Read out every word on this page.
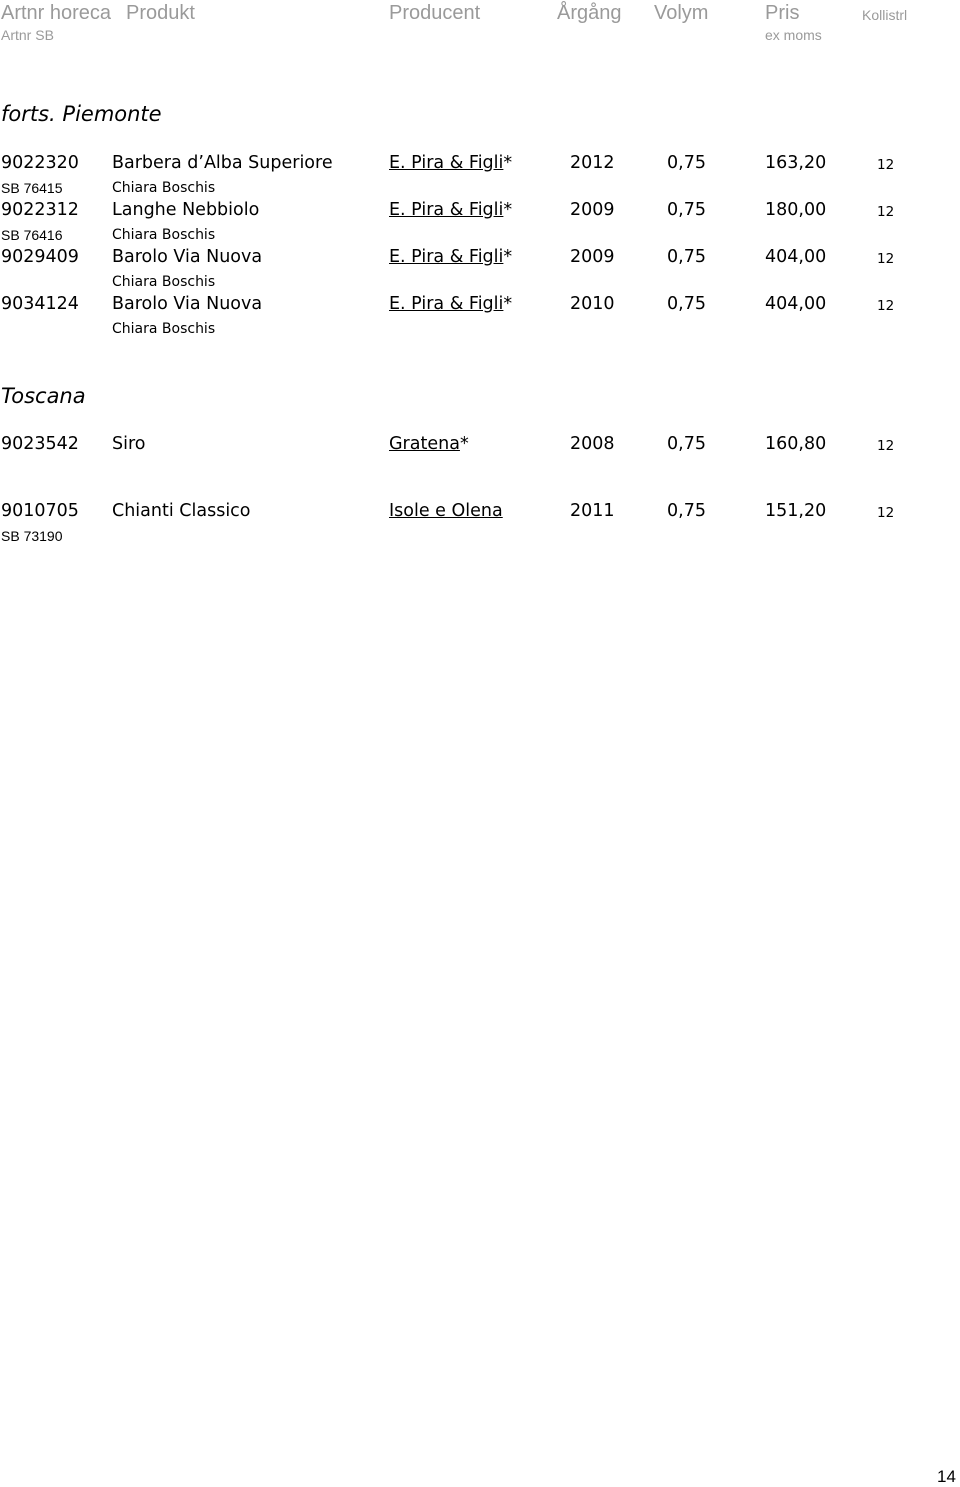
Artnr horeca Produkt	Producent	Årgång Volym	Pris	Kollistrl
Artnr SB	ex moms
forts. Piemonte
9022320 Barbera d’Alba Superiore	E. Pira & Figli*	2012	0,75	163,20	12
SB 76415	Chiara Boschis
9022312 Langhe Nebbiolo	E. Pira & Figli*	2009	0,75	180,00	12
SB 76416	Chiara Boschis
9029409 Barolo Via Nuova	E. Pira & Figli*	2009	0,75	404,00	12
Chiara Boschis
9034124 Barolo Via Nuova	E. Pira & Figli*	2010	0,75	404,00	12
Chiara Boschis
Toscana
9023542 Siro	Gratena*	2008	0,75	160,80	12
9010705 Chianti Classico	Isole e Olena	2011	0,75	151,20	12
SB 73190
14
